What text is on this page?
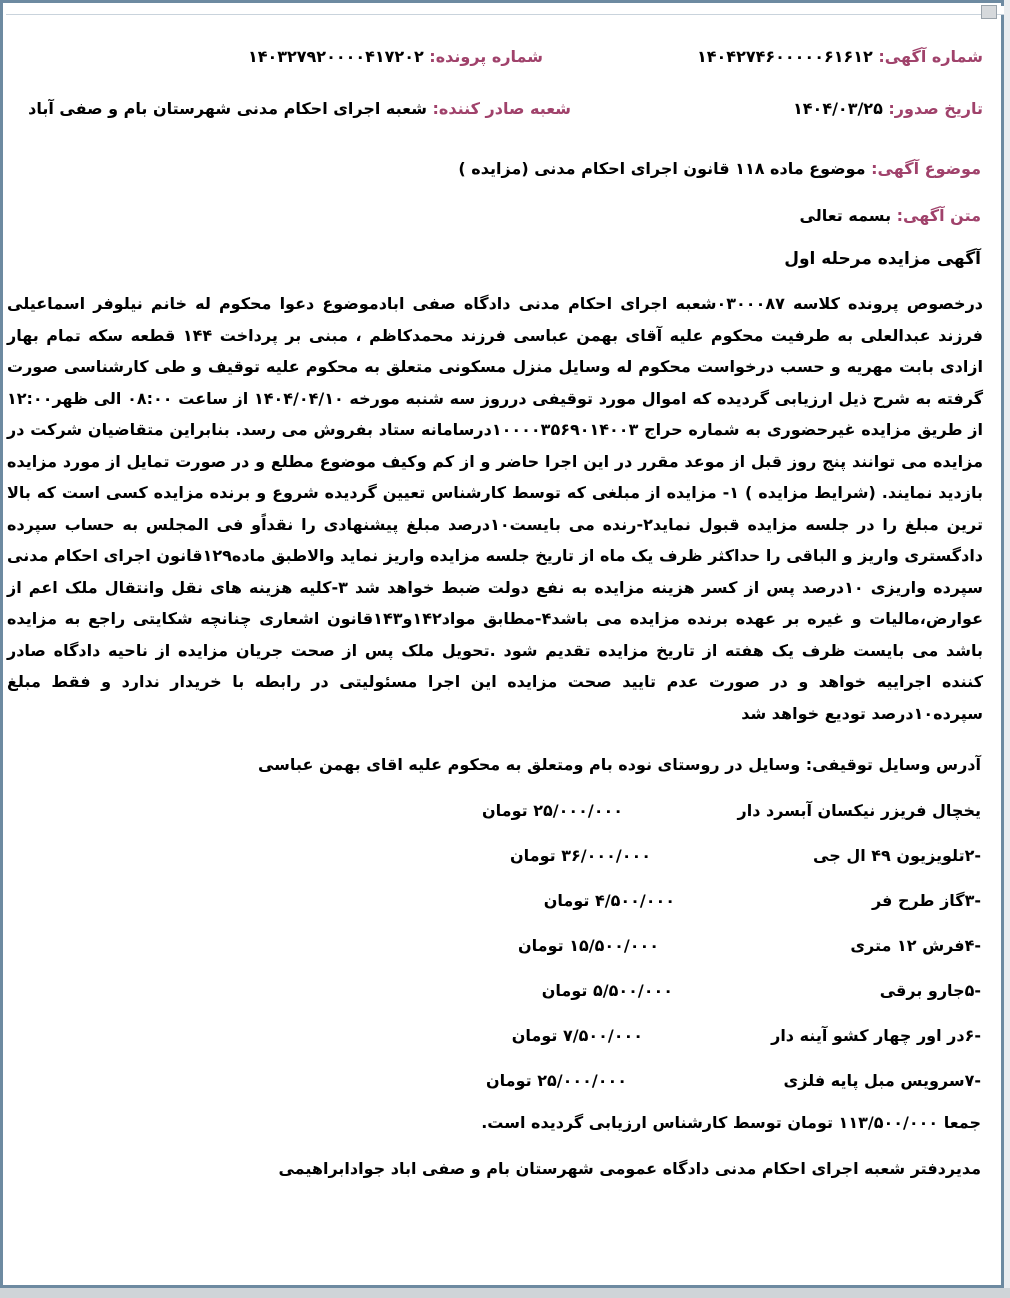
شماره آگهی: ۱۴۰۴۲۷۴۶۰۰۰۰۰۶۱۶۱۲
شماره پرونده: ۱۴۰۳۲۷۹۲۰۰۰۰۴۱۷۲۰۲
تاریخ صدور: ۱۴۰۴/۰۳/۲۵
شعبه صادر کننده: شعبه اجرای احکام مدنی شهرستان بام و صفی آباد
موضوع آگهی: موضوع ماده ۱۱۸ قانون اجرای احکام مدنی (مزایده )
متن آگهی: بسمه تعالی
آگهی مزایده مرحله اول
درخصوص پرونده کلاسه ۰۳۰۰۰۸۷شعبه اجرای احکام مدنی دادگاه صفی ابادموضوع دعوا محکوم له خانم نیلوفر اسماعیلی فرزند عبدالعلی به طرفیت محکوم علیه آقای بهمن عباسی فرزند محمدکاظم ، مبنی بر پرداخت ۱۴۴ قطعه سکه تمام بهار ازادی بابت مهریه و حسب درخواست محکوم له وسایل منزل مسکونی متعلق به محکوم علیه توقیف و طی کارشناسی صورت گرفته به شرح ذیل ارزیابی گردیده که اموال مورد توقیفی درروز سه شنبه مورخه ۱۴۰۴/۰۴/۱۰ از ساعت ۰۸:۰۰ الی ظهر۱۲:۰۰ از طریق مزایده غیرحضوری به شماره حراج ۱۰۰۰۰۳۵۶۹۰۱۴۰۰۳درسامانه ستاد بفروش می رسد. بنابراین متقاضیان شرکت در مزایده می توانند پنج روز قبل از موعد مقرر در این اجرا حاضر و از کم وکیف موضوع مطلع و در صورت تمایل از مورد مزایده بازدید نمایند. (شرایط مزایده ) ۱- مزایده از مبلغی که توسط کارشناس تعیین گردیده شروع و برنده مزایده کسی است که بالا ترین مبلغ را در جلسه مزایده قبول نماید۲-رنده می بایست۱۰درصد مبلغ پیشنهادی را نقداًو فی المجلس به حساب سپرده دادگستری واریز و الباقی را حداکثر ظرف یک ماه از تاریخ جلسه مزایده واریز نماید والاطبق ماده۱۲۹قانون اجرای احکام مدنی سپرده واریزی ۱۰درصد پس از کسر هزینه مزایده به نفع دولت ضبط خواهد شد ۳-کلیه هزینه های نقل وانتقال ملک اعم از عوارض،مالیات و غیره بر عهده برنده مزایده می باشد۴-مطابق مواد۱۴۲و۱۴۳قانون اشعاری چنانچه شکایتی راجع به مزایده باشد می بایست ظرف یک هفته از تاریخ مزایده تقدیم شود .تحویل ملک پس از صحت جریان مزایده از ناحیه دادگاه صادر کننده اجراییه خواهد و در صورت عدم تایید صحت مزایده این اجرا مسئولیتی در رابطه با خریدار ندارد و فقط مبلغ سپرده۱۰درصد تودیع خواهد شد
آدرس وسایل توقیفی: وسایل در روستای نوده بام ومتعلق به محکوم علیه اقای بهمن عباسی
یخچال فریزر نیکسان آبسرد دار
۲۵/۰۰۰/۰۰۰ تومان
-۲تلویزیون ۴۹ ال جی
۳۶/۰۰۰/۰۰۰ تومان
-۳گاز طرح فر
۴/۵۰۰/۰۰۰ تومان
-۴فرش ۱۲ متری
۱۵/۵۰۰/۰۰۰ تومان
-۵جارو برقی
۵/۵۰۰/۰۰۰ تومان
-۶در اور چهار کشو آینه دار
۷/۵۰۰/۰۰۰ تومان
-۷سرویس مبل پایه فلزی
۲۵/۰۰۰/۰۰۰ تومان
جمعا ۱۱۳/۵۰۰/۰۰۰ تومان توسط کارشناس ارزیابی گردیده است.
مدیردفتر شعبه اجرای احکام مدنی دادگاه عمومی شهرستان بام و صفی اباد جوادابراهیمی
